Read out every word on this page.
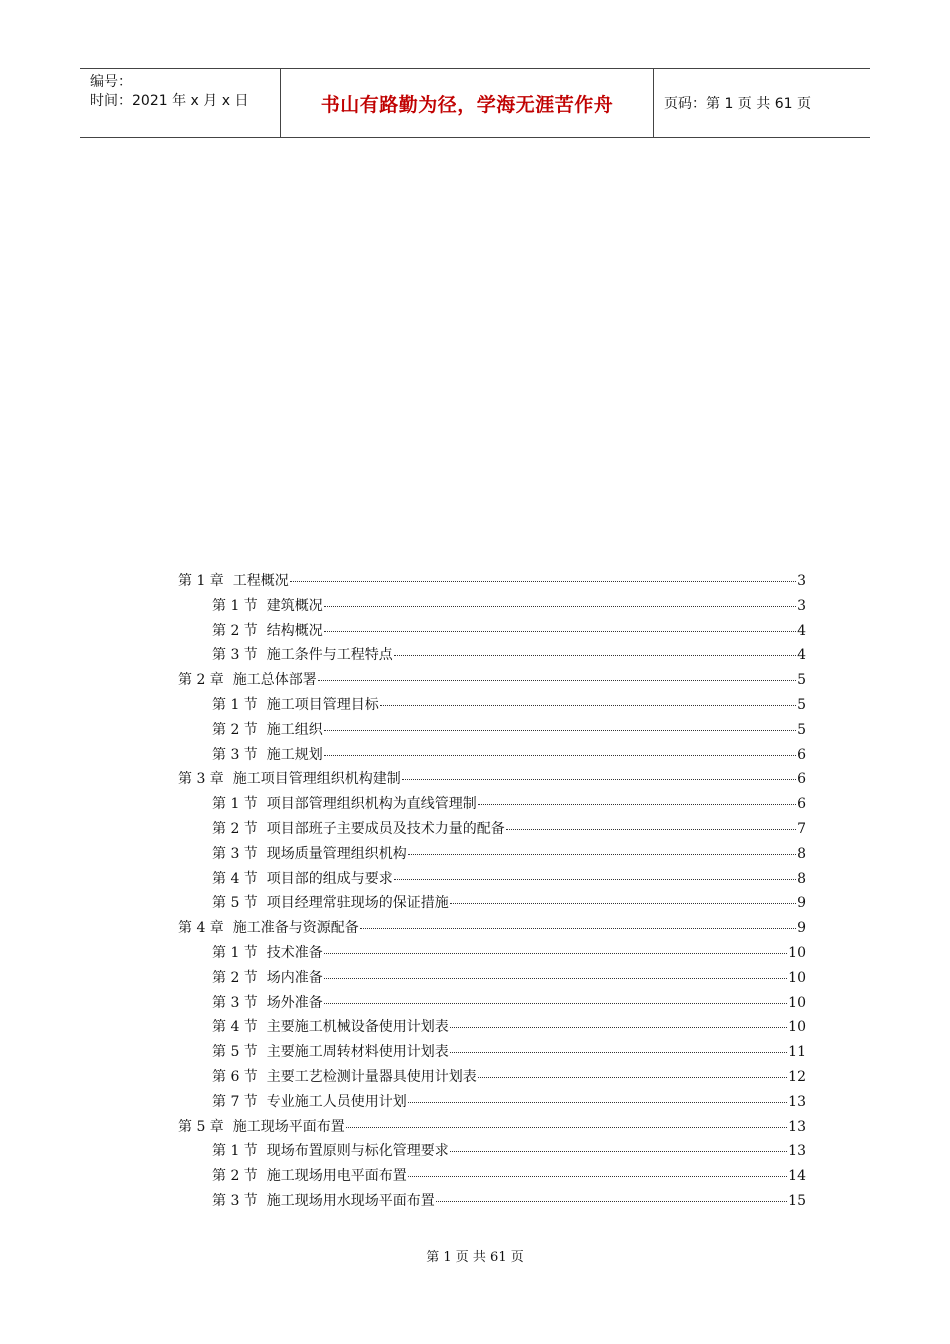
编号：
时间：2021 年 x 月 x 日	书山有路勤为径，学海无涯苦作舟	页码：第 1 页 共 61 页
第 1 章  工程概况	3
第 1 节  建筑概况	3
第 2 节  结构概况	4
第 3 节  施工条件与工程特点	4
第 2 章  施工总体部署	5
第 1 节  施工项目管理目标	5
第 2 节  施工组织	5
第 3 节  施工规划	6
第 3 章  施工项目管理组织机构建制	6
第 1 节  项目部管理组织机构为直线管理制	6
第 2 节  项目部班子主要成员及技术力量的配备	7
第 3 节  现场质量管理组织机构	8
第 4 节  项目部的组成与要求	8
第 5 节  项目经理常驻现场的保证措施	9
第 4 章  施工准备与资源配备	9
第 1 节  技术准备	10
第 2 节  场内准备	10
第 3 节  场外准备	10
第 4 节  主要施工机械设备使用计划表	10
第 5 节  主要施工周转材料使用计划表	11
第 6 节  主要工艺检测计量器具使用计划表	12
第 7 节  专业施工人员使用计划	13
第 5 章  施工现场平面布置	13
第 1 节  现场布置原则与标化管理要求	13
第 2 节  施工现场用电平面布置	14
第 3 节  施工现场用水现场平面布置	15
第 1 页 共 61 页
